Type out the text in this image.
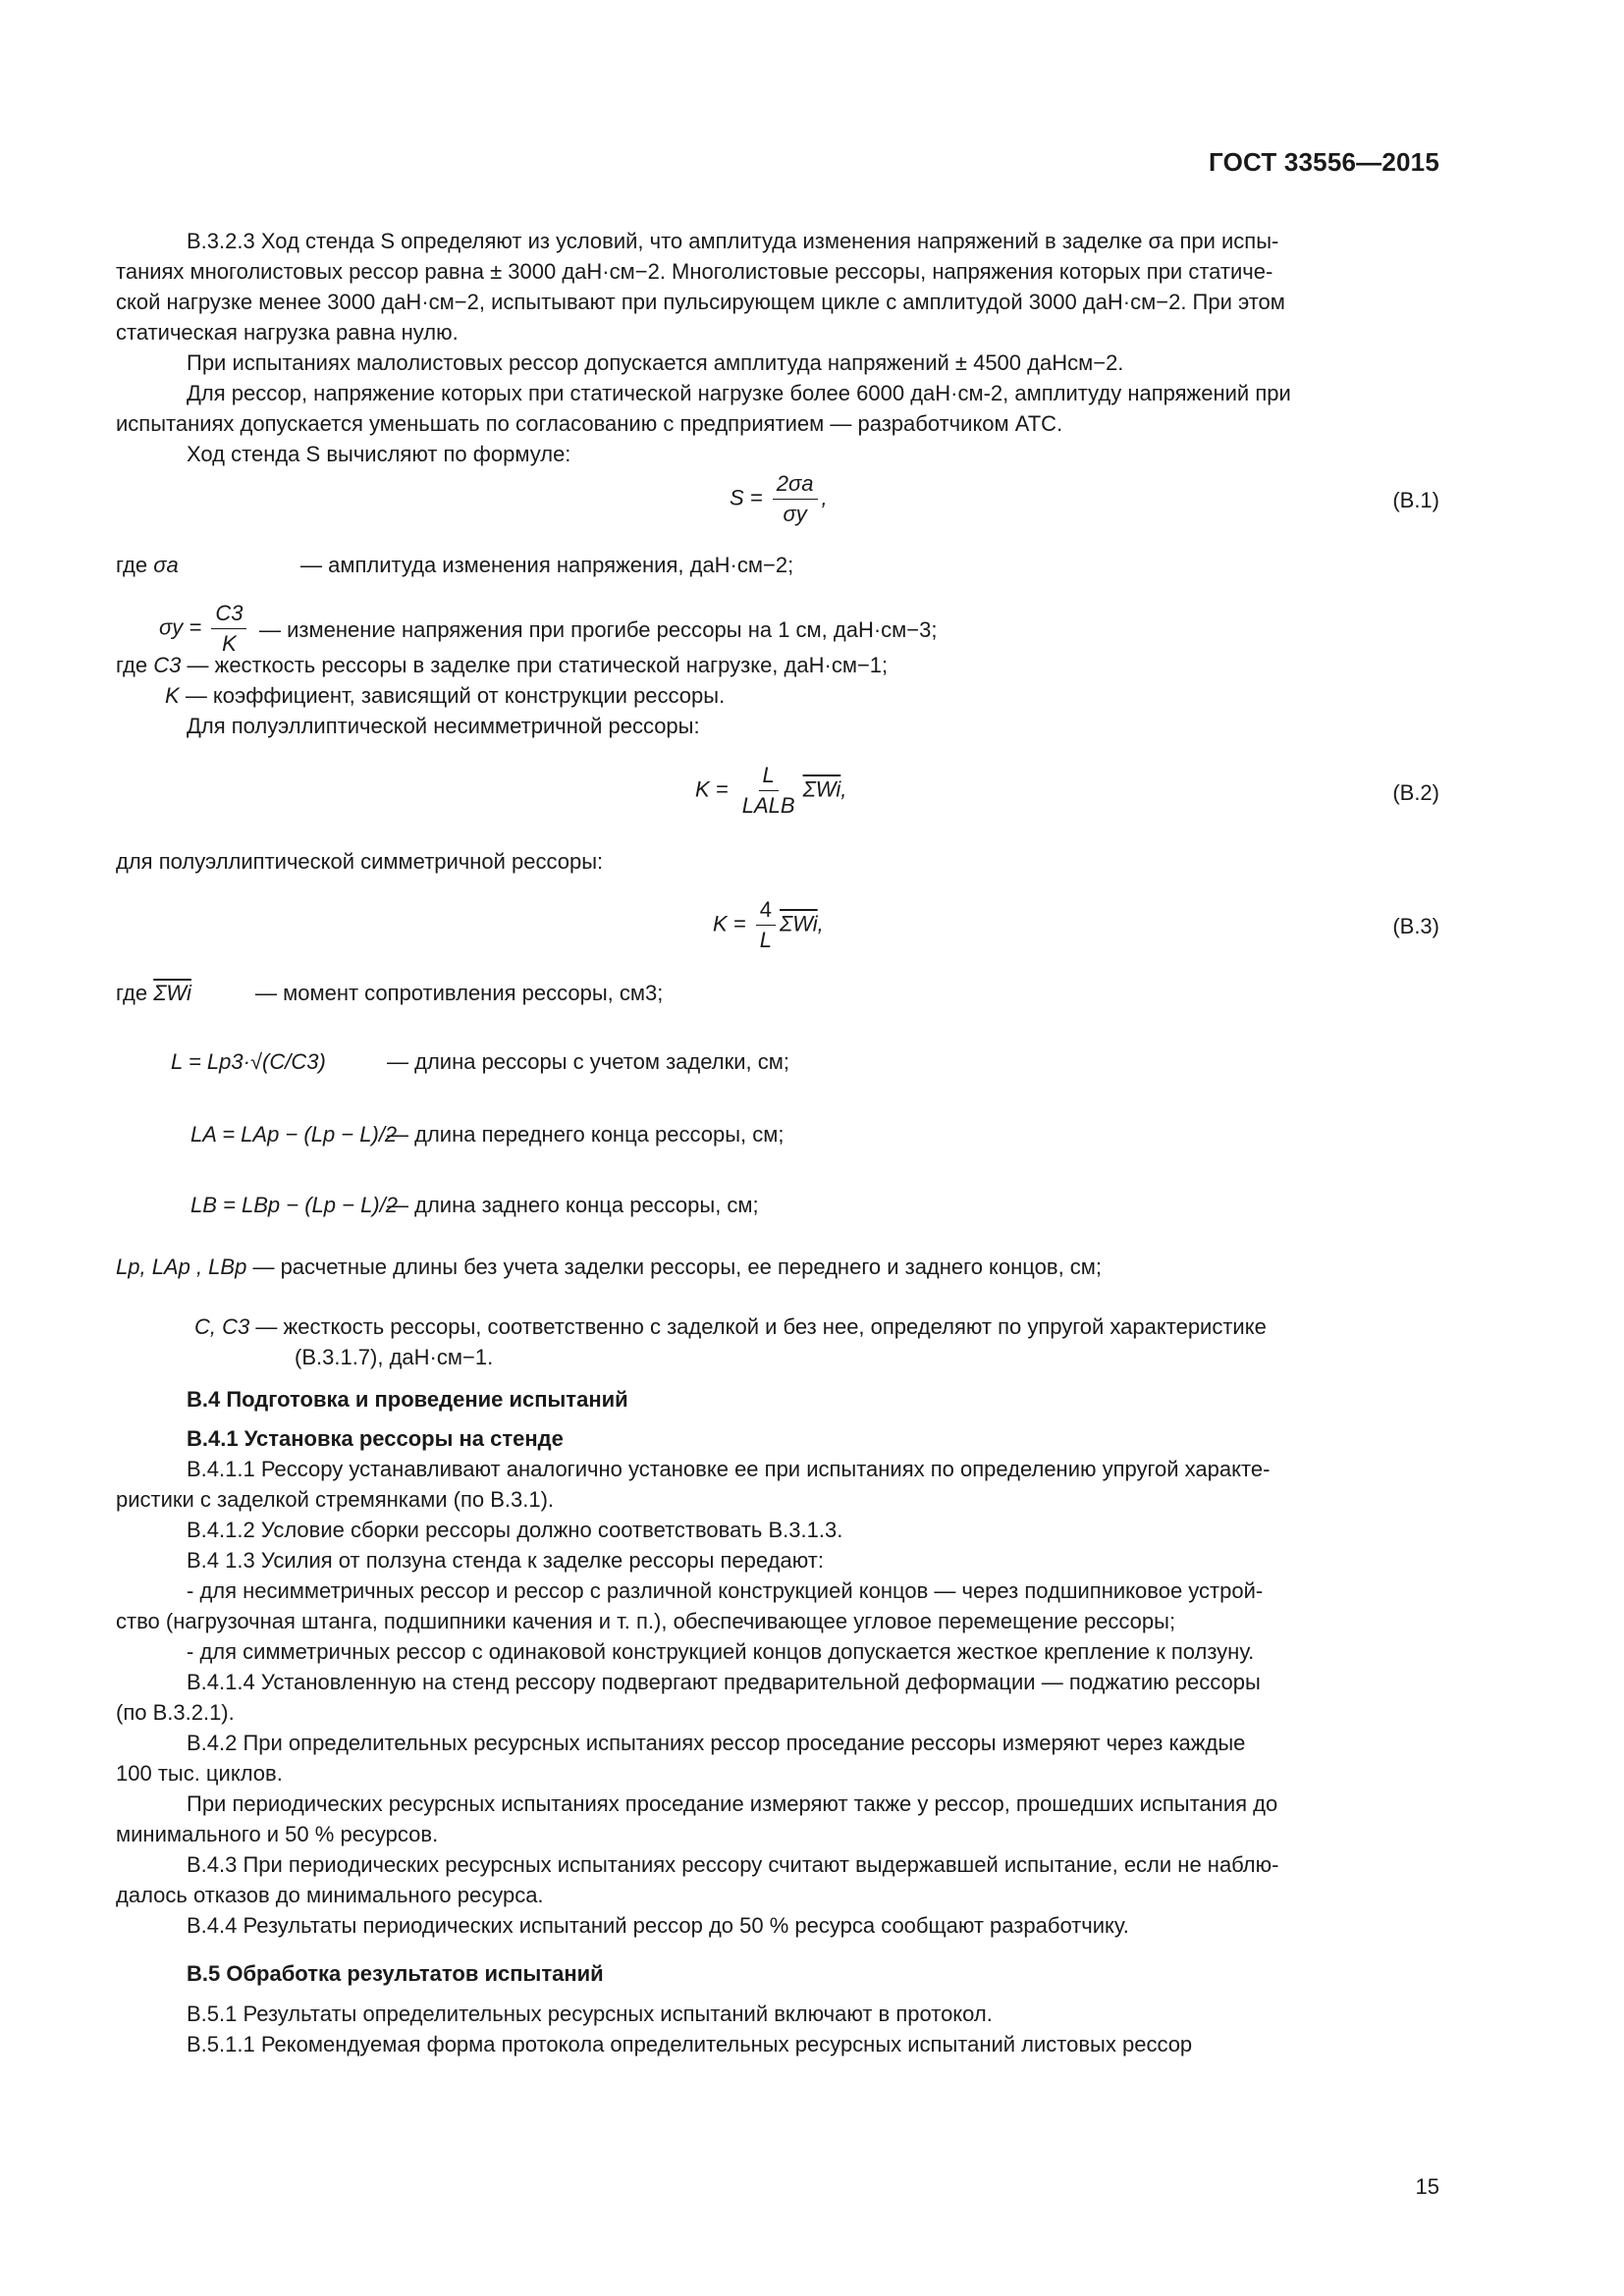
ГОСТ 33556—2015
В.3.2.3 Ход стенда S определяют из условий, что амплитуда изменения напряжений в заделке σa при испы-
таниях многолистовых рессор равна ± 3000 даН·см−2. Многолистовые рессоры, напряжения которых при статиче-
ской нагрузке менее 3000 даН·см−2, испытывают при пульсирующем цикле с амплитудой 3000 даН·см−2. При этом
статическая нагрузка равна нулю.
При испытаниях малолистовых рессор допускается амплитуда напряжений ± 4500 даНсм−2.
Для рессор, напряжение которых при статической нагрузке более 6000 даН·см-2, амплитуду напряжений при
испытаниях допускается уменьшать по согласованию с предприятием — разработчиком АТС.
Ход стенда S вычисляют по формуле:
$S = \frac{2\sigma a}{\sigma y}$ ,	(В.1)
где σa	— амплитуда изменения напряжения, даН·см−2;
$\sigma y = \frac{C3}{K}$ — изменение напряжения при прогибе рессоры на 1 см, даН·см−3;
где C3 — жесткость рессоры в заделке при статической нагрузке, даН·см−1;
K — коэффициент, зависящий от конструкции рессоры.
Для полуэллиптической несимметричной рессоры:
$K = \frac{L}{\text{LALB}} \overline{\Sigma Wi}$,	(В.2)
для полуэллиптической симметричной рессоры:
$K = \frac{4}{L} \overline{\Sigma Wi}$,	(В.3)
где $\overline{\Sigma Wi}$	— момент сопротивления рессоры, см3;
L = Lp3·√(C/C3)	— длина рессоры с учетом заделки, см;
LA = LAp − (Lp − L)/2
— длина переднего конца рессоры, см;
LB = LBp − (Lp − L)/2
— длина заднего конца рессоры, см;
Lp, LAp , LBp — расчетные длины без учета заделки рессоры, ее переднего и заднего концов, см;
C, C3 — жесткость рессоры, соответственно с заделкой и без нее, определяют по упругой характеристике
(В.3.1.7), даН·см−1.
В.4 Подготовка и проведение испытаний
В.4.1 Установка рессоры на стенде
В.4.1.1 Рессору устанавливают аналогично установке ее при испытаниях по определению упругой характе-
ристики с заделкой стремянками (по В.3.1).
В.4.1.2 Условие сборки рессоры должно соответствовать В.3.1.3.
В.4 1.3 Усилия от ползуна стенда к заделке рессоры передают:
- для несимметричных рессор и рессор с различной конструкцией концов — через подшипниковое устрой-
ство (нагрузочная штанга, подшипники качения и т. п.), обеспечивающее угловое перемещение рессоры;
- для симметричных рессор с одинаковой конструкцией концов допускается жесткое крепление к ползуну.
В.4.1.4 Установленную на стенд рессору подвергают предварительной деформации — поджатию рессоры
(по В.3.2.1).
В.4.2 При определительных ресурсных испытаниях рессор проседание рессоры измеряют через каждые
100 тыс. циклов.
При периодических ресурсных испытаниях проседание измеряют также у рессор, прошедших испытания до
минимального и 50 % ресурсов.
В.4.3 При периодических ресурсных испытаниях рессору считают выдержавшей испытание, если не наблю-
далось отказов до минимального ресурса.
В.4.4 Результаты периодических испытаний рессор до 50 % ресурса сообщают разработчику.
В.5 Обработка результатов испытаний
В.5.1 Результаты определительных ресурсных испытаний включают в протокол.
В.5.1.1 Рекомендуемая форма протокола определительных ресурсных испытаний листовых рессор
15
